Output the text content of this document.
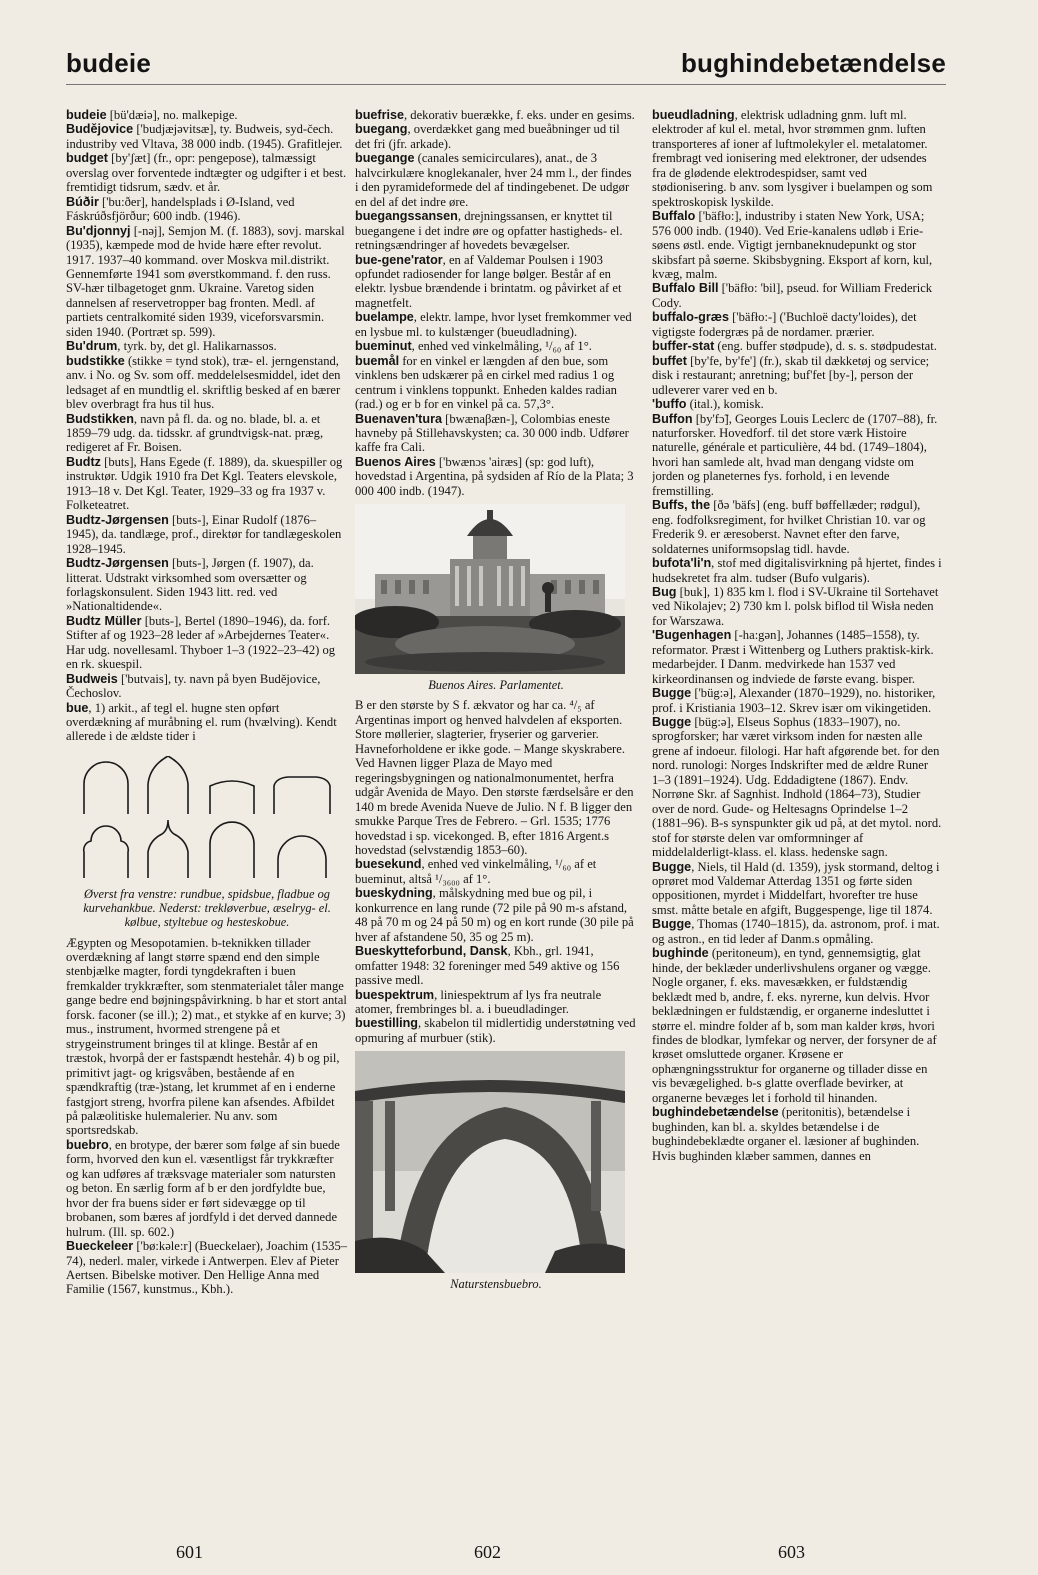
budeie	bughindebetændelse

budeie [bü'dæiə], no. malkepige.

Budějovice ['budjæjəvitsæ], ty. Budweis, syd-čech. industriby ved Vltava, 38 000 indb. (1945). Grafitlejer.

budget [by'ʃæt] (fr., opr: pengepose), talmæssigt overslag over forventede indtægter og udgifter i et best. fremtidigt tidsrum, sædv. et år.

Búðir ['bu:ðer], handelsplads i Ø-Island, ved Fáskrúðsfjörður; 600 indb. (1946).

Bu'djonnyj [-nəj], Semjon M. (f. 1883), sovj. marskal (1935), kæmpede mod de hvide hære efter revolut. 1917. 1937–40 kommand. over Moskva mil.distrikt. Gennemførte 1941 som øverstkommand. f. den russ. SV-hær tilbagetoget gnm. Ukraine. Varetog siden dannelsen af reservetropper bag fronten. Medl. af partiets centralkomité siden 1939, viceforsvarsmin. siden 1940. (Portræt sp. 599).

Bu'drum, tyrk. by, det gl. Halikarnassos.

budstikke (stikke = tynd stok), træ- el. jerngenstand, anv. i No. og Sv. som off. meddelelsesmiddel, idet den ledsaget af en mundtlig el. skriftlig besked af en bærer blev overbragt fra hus til hus.

Budstikken, navn på fl. da. og no. blade, bl. a. et 1859–79 udg. da. tidsskr. af grundtvigsk-nat. præg, redigeret af Fr. Boisen.

Budtz [buts], Hans Egede (f. 1889), da. skuespiller og instruktør. Udgik 1910 fra Det Kgl. Teaters elevskole, 1913–18 v. Det Kgl. Teater, 1929–33 og fra 1937 v. Folketeatret.

Budtz-Jørgensen [buts-], Einar Rudolf (1876–1945), da. tandlæge, prof., direktør for tandlægeskolen 1928–1945.

Budtz-Jørgensen [buts-], Jørgen (f. 1907), da. litterat. Udstrakt virksomhed som oversætter og forlagskonsulent. Siden 1943 litt. red. ved »Nationaltidende«.

Budtz Müller [buts-], Bertel (1890–1946), da. forf. Stifter af og 1923–28 leder af »Arbejdernes Teater«. Har udg. novellesaml. Thyboer 1–3 (1922–23–42) og en rk. skuespil.

Budweis ['butvais], ty. navn på byen Budějovice, Čechoslov.

bue, 1) arkit., af tegl el. hugne sten opført overdækning af muråbning el. rum (hvælving). Kendt allerede i de ældste tider i

Øverst fra venstre: rundbue, spidsbue, fladbue og kurvehankbue. Nederst: trekløverbue, æselryg- el. kølbue, styltebue og hesteskobue.

Ægypten og Mesopotamien. b-teknikken tillader overdækning af langt større spænd end den simple stenbjælke magter, fordi tyngdekraften i buen fremkalder trykkræfter, som stenmaterialet tåler mange gange bedre end bøjningspåvirkning. b har et stort antal forsk. faconer (se ill.); 2) mat., et stykke af en kurve; 3) mus., instrument, hvormed strengene på et strygeinstrument bringes til at klinge. Består af en træstok, hvorpå der er fastspændt hestehår. 4) b og pil, primitivt jagt- og krigsvåben, bestående af en spændkraftig (træ-)stang, let krummet af en i enderne fastgjort streng, hvorfra pilene kan afsendes. Afbildet på palæolitiske hulemalerier. Nu anv. som sportsredskab.

buebro, en brotype, der bærer som følge af sin buede form, hvorved den kun el. væsentligst får trykkræfter og kan udføres af træksvage materialer som natursten og beton. En særlig form af b er den jordfyldte bue, hvor der fra buens sider er ført sidevægge op til brobanen, som bæres af jordfyld i det derved dannede hulrum. (Ill. sp. 602.)

Bueckeleer ['bø:kəle:r] (Bueckelaer), Joachim (1535–74), nederl. maler, virkede i Antwerpen. Elev af Pieter Aertsen. Bibelske motiver. Den Hellige Anna med Familie (1567, kunstmus., Kbh.).

buefrise, dekorativ buerække, f. eks. under en gesims.

buegang, overdækket gang med bueåbninger ud til det fri (jfr. arkade).

buegange (canales semicirculares), anat., de 3 halvcirkulære knoglekanaler, hver 24 mm l., der findes i den pyramideformede del af tindingebenet. De udgør en del af det indre øre.

buegangssansen, drejningssansen, er knyttet til buegangene i det indre øre og opfatter hastigheds- el. retningsændringer af hovedets bevægelser.

bue-gene'rator, en af Valdemar Poulsen i 1903 opfundet radiosender for lange bølger. Består af en elektr. lysbue brændende i brintatm. og påvirket af et magnetfelt.

buelampe, elektr. lampe, hvor lyset fremkommer ved en lysbue ml. to kulstænger (bueudladning).

bueminut, enhed ved vinkelmåling, ¹/₆₀ af 1°.

buemål for en vinkel er længden af den bue, som vinklens ben udskærer på en cirkel med radius 1 og centrum i vinklens toppunkt. Enheden kaldes radian (rad.) og er b for en vinkel på ca. 57,3°.

Buenaven'tura [bwænaβæn-], Colombias eneste havneby på Stillehavskysten; ca. 30 000 indb. Udfører kaffe fra Cali.

Buenos Aires ['bwænɔs 'airæs] (sp: god luft), hovedstad i Argentina, på sydsiden af Río de la Plata; 3 000 400 indb. (1947).

Buenos Aires. Parlamentet.

B er den største by S f. ækvator og har ca. ⁴/₅ af Argentinas import og henved halvdelen af eksporten. Store møllerier, slagterier, fryserier og garverier. Havneforholdene er ikke gode. – Mange skyskrabere. Ved Havnen ligger Plaza de Mayo med regeringsbygningen og nationalmonumentet, herfra udgår Avenida de Mayo. Den største færdselsåre er den 140 m brede Avenida Nueve de Julio. N f. B ligger den smukke Parque Tres de Febrero. – Grl. 1535; 1776 hovedstad i sp. vicekonged. B, efter 1816 Argent.s hovedstad (selvstændig 1853–60).

buesekund, enhed ved vinkelmåling, ¹/₆₀ af et bueminut, altså ¹/₃₆₀₀ af 1°.

bueskydning, målskydning med bue og pil, i konkurrence en lang runde (72 pile på 90 m-s afstand, 48 på 70 m og 24 på 50 m) og en kort runde (30 pile på hver af afstandene 50, 35 og 25 m).

Bueskytteforbund, Dansk, Kbh., grl. 1941, omfatter 1948: 32 foreninger med 549 aktive og 156 passive medl.

buespektrum, liniespektrum af lys fra neutrale atomer, frembringes bl. a. i bueudladinger.

buestilling, skabelon til midlertidig understøtning ved opmuring af murbuer (stik).

Naturstensbuebro.

bueudladning, elektrisk udladning gnm. luft ml. elektroder af kul el. metal, hvor strømmen gnm. luften transporteres af ioner af luftmolekyler el. metalatomer. frembragt ved ionisering med elektroner, der udsendes fra de glødende elektrodespidser, samt ved stødionisering. b anv. som lysgiver i buelampen og som spektroskopisk lyskilde.

Buffalo ['bäfło:], industriby i staten New York, USA; 576 000 indb. (1940). Ved Erie-kanalens udløb i Erie-søens østl. ende. Vigtigt jernbaneknudepunkt og stor skibsfart på søerne. Skibsbygning. Eksport af korn, kul, kvæg, malm.

Buffalo Bill ['bäfło: 'bil], pseud. for William Frederick Cody.

buffalo-græs ['bäfło:-] ('Buchloë dacty'loides), det vigtigste fodergræs på de nordamer. prærier.

buffer-stat (eng. buffer stødpude), d. s. s. stødpudestat.

buffet [by'fe, by'fe'] (fr.), skab til dækketøj og service; disk i restaurant; anretning; buf'fet [by-], person der udleverer varer ved en b.

'buffo (ital.), komisk.

Buffon [by'fɔ̃], Georges Louis Leclerc de (1707–88), fr. naturforsker. Hovedforf. til det store værk Histoire naturelle, générale et particulière, 44 bd. (1749–1804), hvori han samlede alt, hvad man dengang vidste om jorden og planeternes fys. forhold, i en levende fremstilling.

Buffs, the [ðə 'bäfs] (eng. buff bøffellæder; rødgul), eng. fodfolksregiment, for hvilket Christian 10. var og Frederik 9. er æresoberst. Navnet efter den farve, soldaternes uniformsopslag tidl. havde.

bufota'li'n, stof med digitalisvirkning på hjertet, findes i hudsekretet fra alm. tudser (Bufo vulgaris).

Bug [buk], 1) 835 km l. flod i SV-Ukraine til Sortehavet ved Nikolajev; 2) 730 km l. polsk biflod til Wisła neden for Warszawa.

'Bugenhagen [-ha:gən], Johannes (1485–1558), ty. reformator. Præst i Wittenberg og Luthers praktisk-kirk. medarbejder. I Danm. medvirkede han 1537 ved kirkeordinansen og indviede de første evang. bisper.

Bugge ['büg:ə], Alexander (1870–1929), no. historiker, prof. i Kristiania 1903–12. Skrev især om vikingetiden.

Bugge [büg:ə], Elseus Sophus (1833–1907), no. sprogforsker; har været virksom inden for næsten alle grene af indoeur. filologi. Har haft afgørende bet. for den nord. runologi: Norges Indskrifter med de ældre Runer 1–3 (1891–1924). Udg. Eddadigtene (1867). Endv. Norrøne Skr. af Sagnhist. Indhold (1864–73), Studier over de nord. Gude- og Heltesagns Oprindelse 1–2 (1881–96). B-s synspunkter gik ud på, at det mytol. nord. stof for største delen var omformninger af middelalderligt-klass. el. klass. hedenske sagn.

Bugge, Niels, til Hald (d. 1359), jysk stormand, deltog i oprøret mod Valdemar Atterdag 1351 og førte siden oppositionen, myrdet i Middelfart, hvorefter tre huse smst. måtte betale en afgift, Buggespenge, lige til 1874.

Bugge, Thomas (1740–1815), da. astronom, prof. i mat. og astron., en tid leder af Danm.s opmåling.

bughinde (peritoneum), en tynd, gennemsigtig, glat hinde, der beklæder underlivshulens organer og vægge. Nogle organer, f. eks. mavesækken, er fuldstændig beklædt med b, andre, f. eks. nyrerne, kun delvis. Hvor beklædningen er fuldstændig, er organerne indesluttet i større el. mindre folder af b, som man kalder krøs, hvori findes de blodkar, lymfekar og nerver, der forsyner de af krøset omsluttede organer. Krøsene er ophængningsstruktur for organerne og tillader disse en vis bevægelighed. b-s glatte overflade bevirker, at organerne bevæges let i forhold til hinanden.

bughindebetændelse (peritonitis), betændelse i bughinden, kan bl. a. skyldes betændelse i de bughindebeklædte organer el. læsioner af bughinden. Hvis bughinden klæber sammen, dannes en

601	602	603
